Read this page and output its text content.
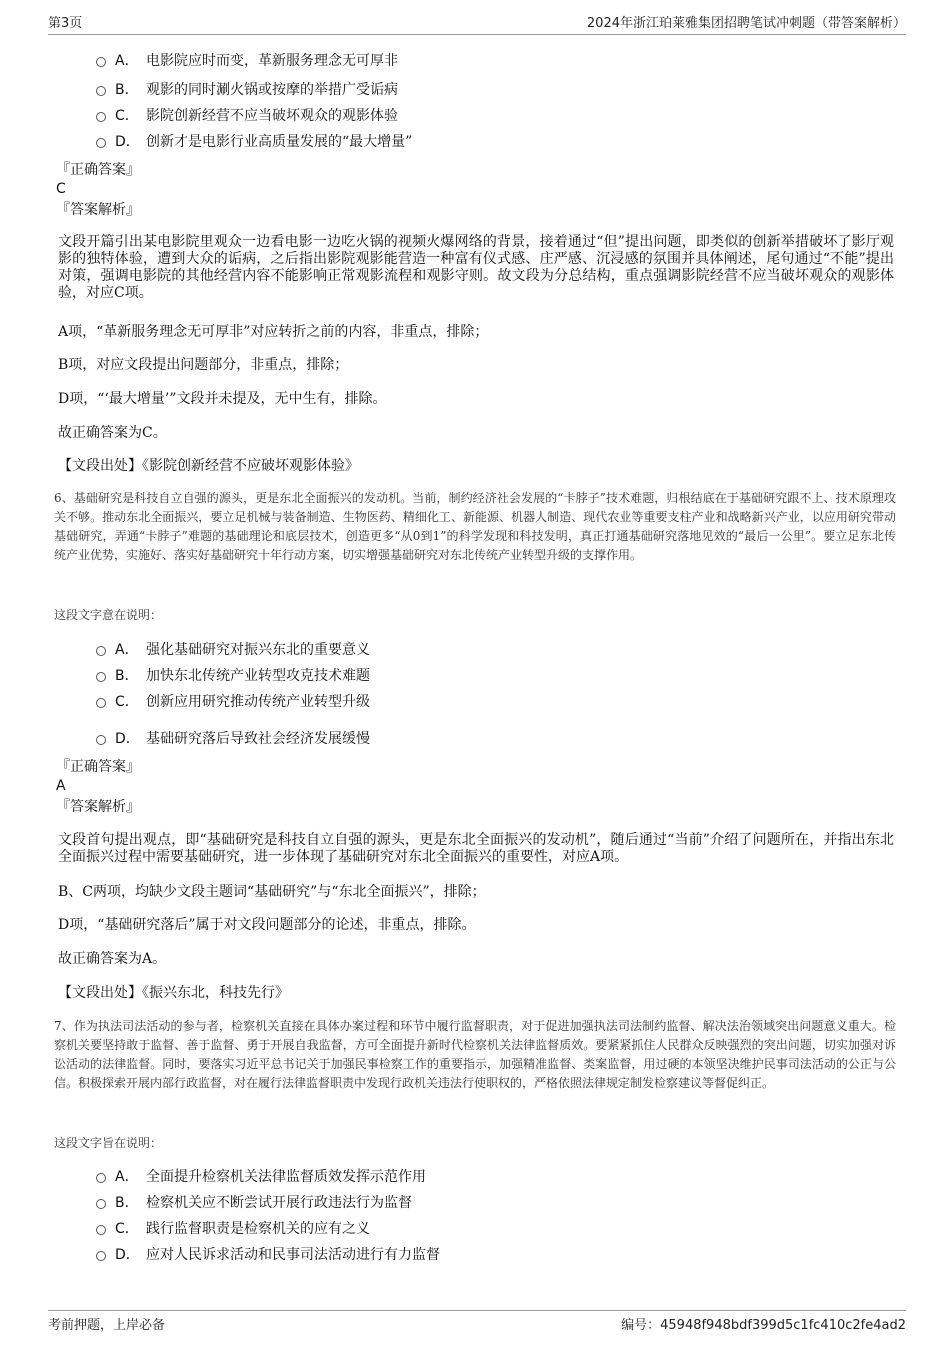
第3页	2024年浙江珀莱雅集团招聘笔试冲刺题（带答案解析）
A． 电影院应时而变，革新服务理念无可厚非
B． 观影的同时涮火锅或按摩的举措广受诟病
C． 影院创新经营不应当破坏观众的观影体验
D． 创新才是电影行业高质量发展的“最大增量”
『正确答案』
C
『答案解析』
文段开篇引出某电影院里观众一边看电影一边吃火锅的视频火爆网络的背景，接着通过“但”提出问题，即类似的创新举措破坏了影厅观影的独特体验，遭到大众的诟病，之后指出影院观影能营造一种富有仪式感、庄严感、沉浸感的氛围并具体阐述，尾句通过“不能”提出对策，强调电影院的其他经营内容不能影响正常观影流程和观影守则。故文段为分总结构，重点强调影院经营不应当破坏观众的观影体验，对应C项。
A项，“革新服务理念无可厚非”对应转折之前的内容，非重点，排除；
B项，对应文段提出问题部分，非重点，排除；
D项，“‘最大增量’”文段并未提及，无中生有，排除。
故正确答案为C。
【文段出处】《影院创新经营不应破坏观影体验》
6、基础研究是科技自立自强的源头，更是东北全面振兴的发动机。当前，制约经济社会发展的“卡脖子”技术难题，归根结底在于基础研究跟不上、技术原理攻关不够。推动东北全面振兴，要立足机械与装备制造、生物医药、精细化工、新能源、机器人制造、现代农业等重要支柱产业和战略新兴产业，以应用研究带动基础研究，弄通“卡脖子”难题的基础理论和底层技术，创造更多“从0到1”的科学发现和科技发明，真正打通基础研究落地见效的“最后一公里”。要立足东北传统产业优势，实施好、落实好基础研究十年行动方案，切实增强基础研究对东北传统产业转型升级的支撑作用。
这段文字意在说明：
A． 强化基础研究对振兴东北的重要意义
B． 加快东北传统产业转型攻克技术难题
C． 创新应用研究推动传统产业转型升级
D． 基础研究落后导致社会经济发展缓慢
『正确答案』
A
『答案解析』
文段首句提出观点，即“基础研究是科技自立自强的源头，更是东北全面振兴的发动机”，随后通过“当前”介绍了问题所在，并指出东北全面振兴过程中需要基础研究，进一步体现了基础研究对东北全面振兴的重要性，对应A项。
B、C两项，均缺少文段主题词“基础研究”与“东北全面振兴”，排除；
D项，“基础研究落后”属于对文段问题部分的论述，非重点，排除。
故正确答案为A。
【文段出处】《振兴东北，科技先行》
7、作为执法司法活动的参与者，检察机关直接在具体办案过程和环节中履行监督职责，对于促进加强执法司法制约监督、解决法治领域突出问题意义重大。检察机关要坚持敢于监督、善于监督、勇于开展自我监督，方可全面提升新时代检察机关法律监督质效。要紧紧抓住人民群众反映强烈的突出问题，切实加强对诉讼活动的法律监督。同时，要落实习近平总书记关于加强民事检察工作的重要指示，加强精准监督、类案监督，用过硬的本领坚决维护民事司法活动的公正与公信。积极探索开展内部行政监督，对在履行法律监督职责中发现行政机关违法行使职权的，严格依照法律规定制发检察建议等督促纠正。
这段文字旨在说明：
A． 全面提升检察机关法律监督质效发挥示范作用
B． 检察机关应不断尝试开展行政违法行为监督
C． 践行监督职责是检察机关的应有之义
D． 应对人民诉求活动和民事司法活动进行有力监督
考前押题，上岸必备	编号：45948f948bdf399d5c1fc410c2fe4ad2
